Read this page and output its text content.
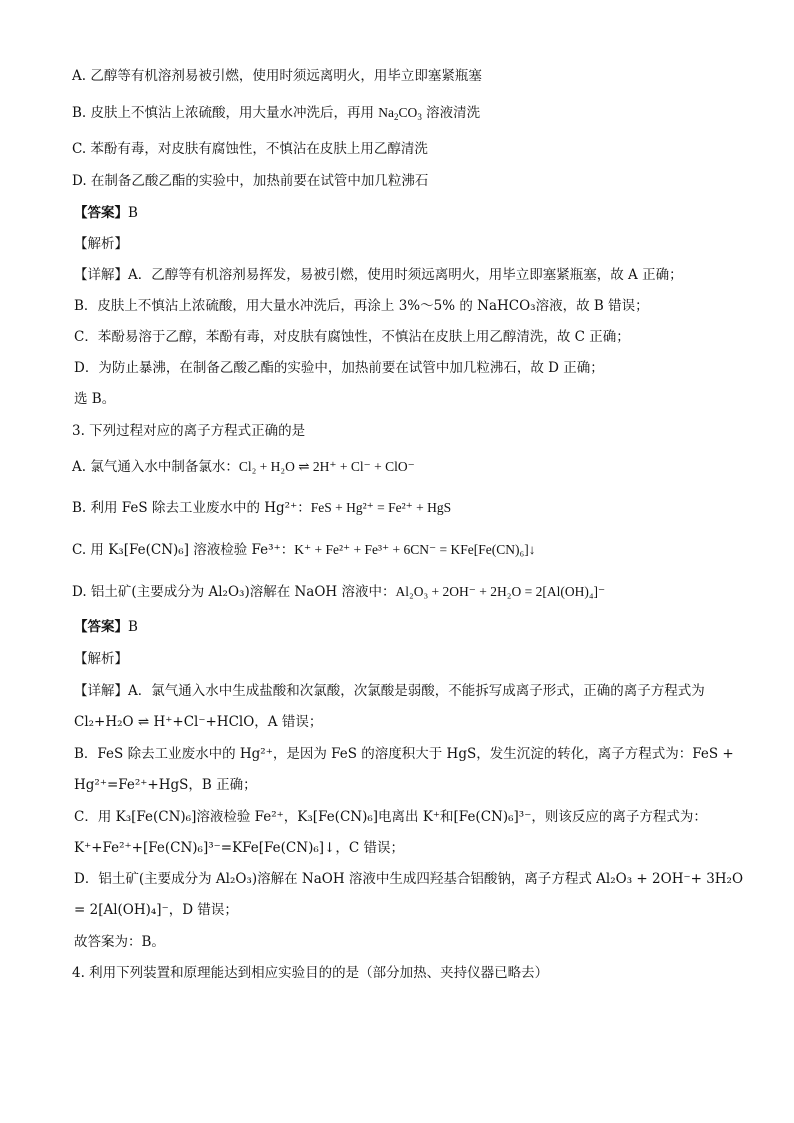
A. 乙醇等有机溶剂易被引燃，使用时须远离明火，用毕立即塞紧瓶塞
B. 皮肤上不慎沾上浓硫酸，用大量水冲洗后，再用 $Na_2CO_3$ 溶液清洗
C. 苯酚有毒，对皮肤有腐蚀性，不慎沾在皮肤上用乙醇清洗
D. 在制备乙酸乙酯的实验中，加热前要在试管中加几粒沸石
【答案】B
【解析】
【详解】A．乙醇等有机溶剂易挥发，易被引燃，使用时须远离明火，用毕立即塞紧瓶塞，故 A 正确；
B．皮肤上不慎沾上浓硫酸，用大量水冲洗后，再涂上 3%～5% 的 NaHCO₃溶液，故 B 错误；
C．苯酚易溶于乙醇，苯酚有毒，对皮肤有腐蚀性，不慎沾在皮肤上用乙醇清洗，故 C 正确；
D．为防止暴沸，在制备乙酸乙酯的实验中，加热前要在试管中加几粒沸石，故 D 正确；
选 B。
3. 下列过程对应的离子方程式正确的是
A. 氯气通入水中制备氯水：Cl₂ + H₂O ⇌ 2H⁺ + Cl⁻ + ClO⁻
B. 利用 FeS 除去工业废水中的 Hg²⁺：FeS + Hg²⁺ = Fe²⁺ + HgS
C. 用 K₃[Fe(CN)₆] 溶液检验 Fe³⁺：K⁺ + Fe²⁺ + Fe³⁺ + 6CN⁻ = KFe[Fe(CN)₆]↓
D. 铝土矿(主要成分为 Al₂O₃)溶解在 NaOH 溶液中：Al₂O₃ + 2OH⁻ + 2H₂O = 2[Al(OH)₄]⁻
【答案】B
【解析】
【详解】A．氯气通入水中生成盐酸和次氯酸，次氯酸是弱酸，不能拆写成离子形式，正确的离子方程式为
Cl₂+H₂O ⇌ H⁺+Cl⁻+HClO，A 错误；
B．FeS 除去工业废水中的 Hg²⁺，是因为 FeS 的溶度积大于 HgS，发生沉淀的转化，离子方程式为：FeS +
Hg²⁺=Fe²⁺+HgS，B 正确；
C．用 K₃[Fe(CN)₆]溶液检验 Fe²⁺，K₃[Fe(CN)₆]电离出 K⁺和[Fe(CN)₆]³⁻，则该反应的离子方程式为：
K⁺+Fe²⁺+[Fe(CN)₆]³⁻=KFe[Fe(CN)₆]↓，C 错误；
D．铝土矿(主要成分为 Al₂O₃)溶解在 NaOH 溶液中生成四羟基合铝酸钠，离子方程式 Al₂O₃ + 2OH⁻+ 3H₂O
= 2[Al(OH)₄]⁻，D 错误；
故答案为：B。
4. 利用下列装置和原理能达到相应实验目的的是（部分加热、夹持仪器已略去）
